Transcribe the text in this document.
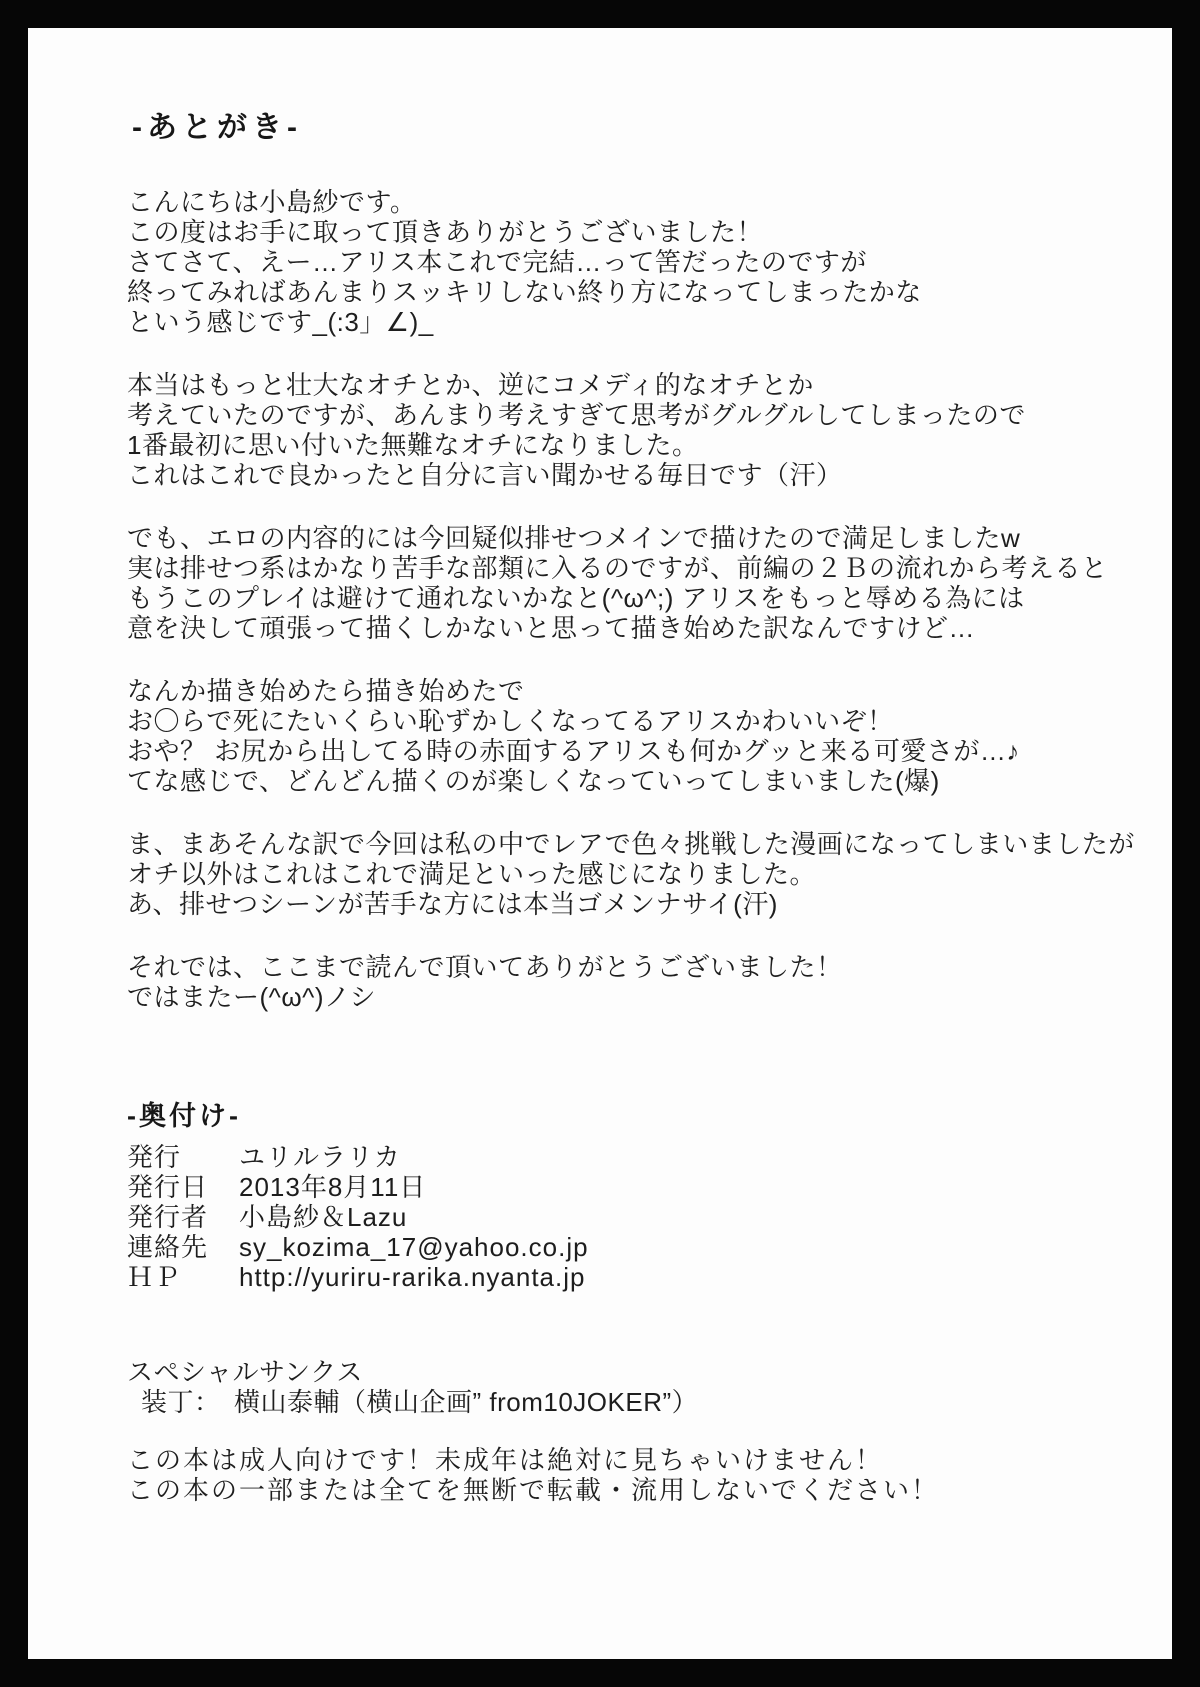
-あとがき-
こんにちは小島紗です。
この度はお手に取って頂きありがとうございました！
さてさて、えー…アリス本これで完結…って筈だったのですが
終ってみればあんまりスッキリしない終り方になってしまったかな
という感じです_(:3」∠)_
本当はもっと壮大なオチとか、逆にコメディ的なオチとか
考えていたのですが、あんまり考えすぎて思考がグルグルしてしまったので
1番最初に思い付いた無難なオチになりました。
これはこれで良かったと自分に言い聞かせる毎日です（汗）
でも、エロの内容的には今回疑似排せつメインで描けたので満足しましたw
実は排せつ系はかなり苦手な部類に入るのですが、前編の２Ｂの流れから考えると
もうこのプレイは避けて通れないかなと(^ω^;) アリスをもっと辱める為には
意を決して頑張って描くしかないと思って描き始めた訳なんですけど…
なんか描き始めたら描き始めたで
お〇らで死にたいくらい恥ずかしくなってるアリスかわいいぞ！
おや？ お尻から出してる時の赤面するアリスも何かグッと来る可愛さが…♪
てな感じで、どんどん描くのが楽しくなっていってしまいました(爆)
ま、まあそんな訳で今回は私の中でレアで色々挑戦した漫画になってしまいましたが
オチ以外はこれはこれで満足といった感じになりました。
あ、排せつシーンが苦手な方には本当ゴメンナサイ(汗)
それでは、ここまで読んで頂いてありがとうございました！
ではまたー(^ω^)ノシ
-奥付け-
発行	ユリルラリカ
発行日	2013年8月11日
発行者	小島紗＆Lazu
連絡先	sy_kozima_17@yahoo.co.jp
ＨＰ	http://yuriru-rarika.nyanta.jp
スペシャルサンクス
装丁：　横山泰輔（横山企画” from10JOKER”）
この本は成人向けです！未成年は絶対に見ちゃいけません！
この本の一部または全てを無断で転載・流用しないでください！
